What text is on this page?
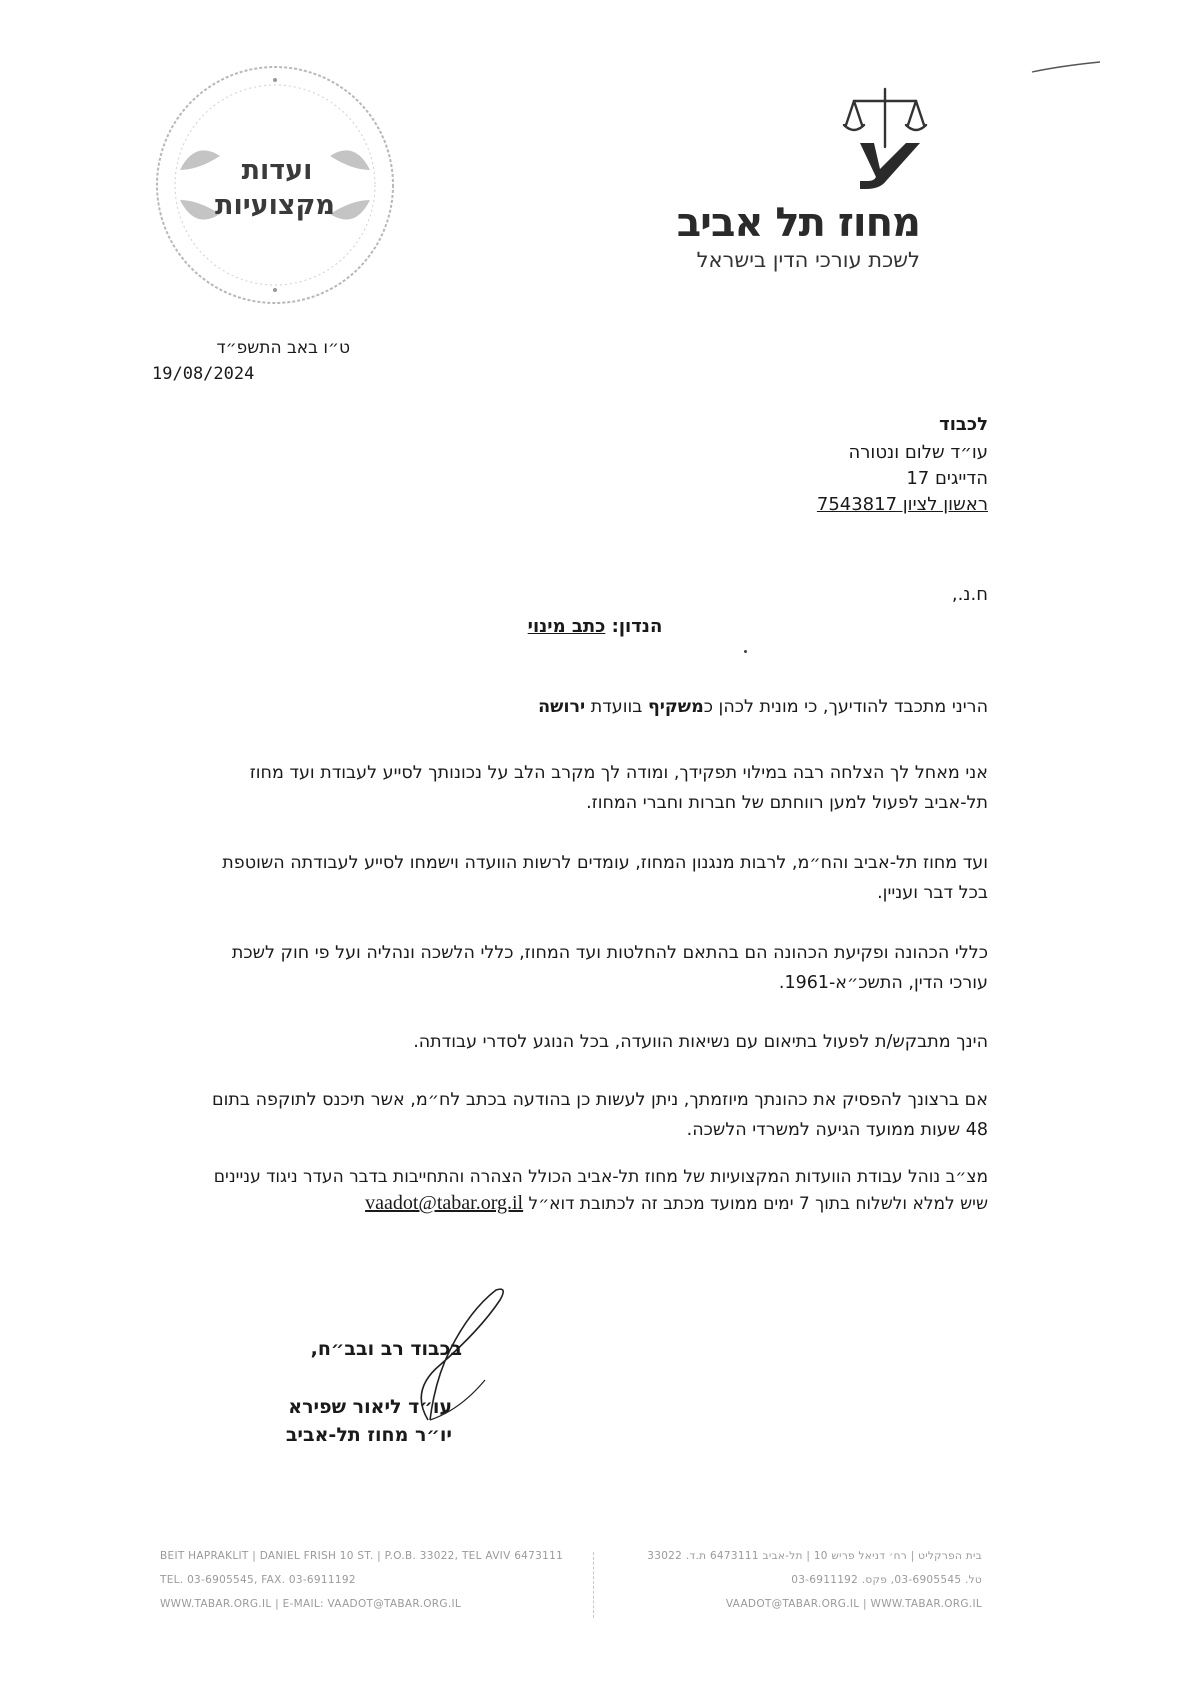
מחוז תל אביב
לשכת עורכי הדין בישראל
ועדות
מקצועיות
ט״ו באב התשפ״ד
19/08/2024
לכבוד
עו״ד שלום ונטורה
הדייגים 17
ראשון לציון 7543817
ח.נ.,
הנדון: כתב מינוי
הריני מתכבד להודיעך, כי מונית לכהן כמשקיף בוועדת ירושה
אני מאחל לך הצלחה רבה במילוי תפקידך, ומודה לך מקרב הלב על נכונותך לסייע לעבודת ועד מחוז תל-אביב לפעול למען רווחתם של חברות וחברי המחוז.
ועד מחוז תל-אביב והח״מ, לרבות מנגנון המחוז, עומדים לרשות הוועדה וישמחו לסייע לעבודתה השוטפת בכל דבר ועניין.
כללי הכהונה ופקיעת הכהונה הם בהתאם להחלטות ועד המחוז, כללי הלשכה ונהליה ועל פי חוק לשכת עורכי הדין, התשכ״א-1961.
הינך מתבקש/ת לפעול בתיאום עם נשיאות הוועדה, בכל הנוגע לסדרי עבודתה.
אם ברצונך להפסיק את כהונתך מיוזמתך, ניתן לעשות כן בהודעה בכתב לח״מ, אשר תיכנס לתוקפה בתום 48 שעות ממועד הגיעה למשרדי הלשכה.
מצ״ב נוהל עבודת הוועדות המקצועיות של מחוז תל-אביב הכולל הצהרה והתחייבות בדבר העדר ניגוד עניינים שיש למלא ולשלוח בתוך 7 ימים ממועד מכתב זה לכתובת דוא״ל vaadot@tabar.org.il
בכבוד רב ובב״ח,
עו״ד ליאור שפירא
יו״ר מחוז תל-אביב
BEIT HAPRAKLIT | DANIEL FRISH 10 ST. | P.O.B. 33022, TEL AVIV 6473111
TEL. 03-6905545, FAX. 03-6911192
WWW.TABAR.ORG.IL | E-MAIL: VAADOT@TABAR.ORG.IL
בית הפרקליט | רח׳ דניאל פריש 10 | תל-אביב 6473111 ת.ד. 33022
טל. 03-6905545, פקס. 03-6911192
VAADOT@TABAR.ORG.IL | WWW.TABAR.ORG.IL
